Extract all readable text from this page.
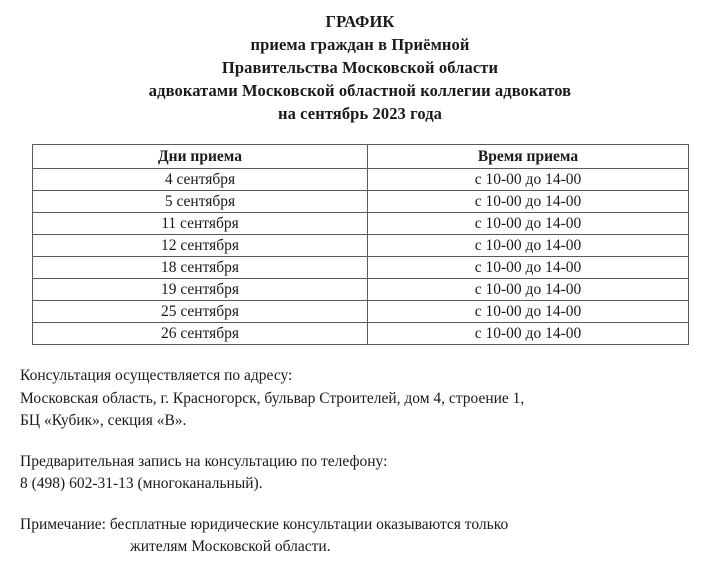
ГРАФИК
приема граждан в Приёмной
Правительства Московской области
адвокатами Московской областной коллегии адвокатов
на сентябрь 2023 года
Дни приема	Время приема
4 сентября	с 10-00 до 14-00
5 сентября	с 10-00 до 14-00
11 сентября	с 10-00 до 14-00
12 сентября	с 10-00 до 14-00
18 сентября	с 10-00 до 14-00
19 сентября	с 10-00 до 14-00
25 сентября	с 10-00 до 14-00
26 сентября	с 10-00 до 14-00

Консультация осуществляется по адресу:
Московская область, г. Красногорск, бульвар Строителей, дом 4, строение 1,
БЦ «Кубик», секция «В».

Предварительная запись на консультацию по телефону:
8 (498) 602-31-13 (многоканальный).

Примечание: бесплатные юридические консультации оказываются только
жителям Московской области.
